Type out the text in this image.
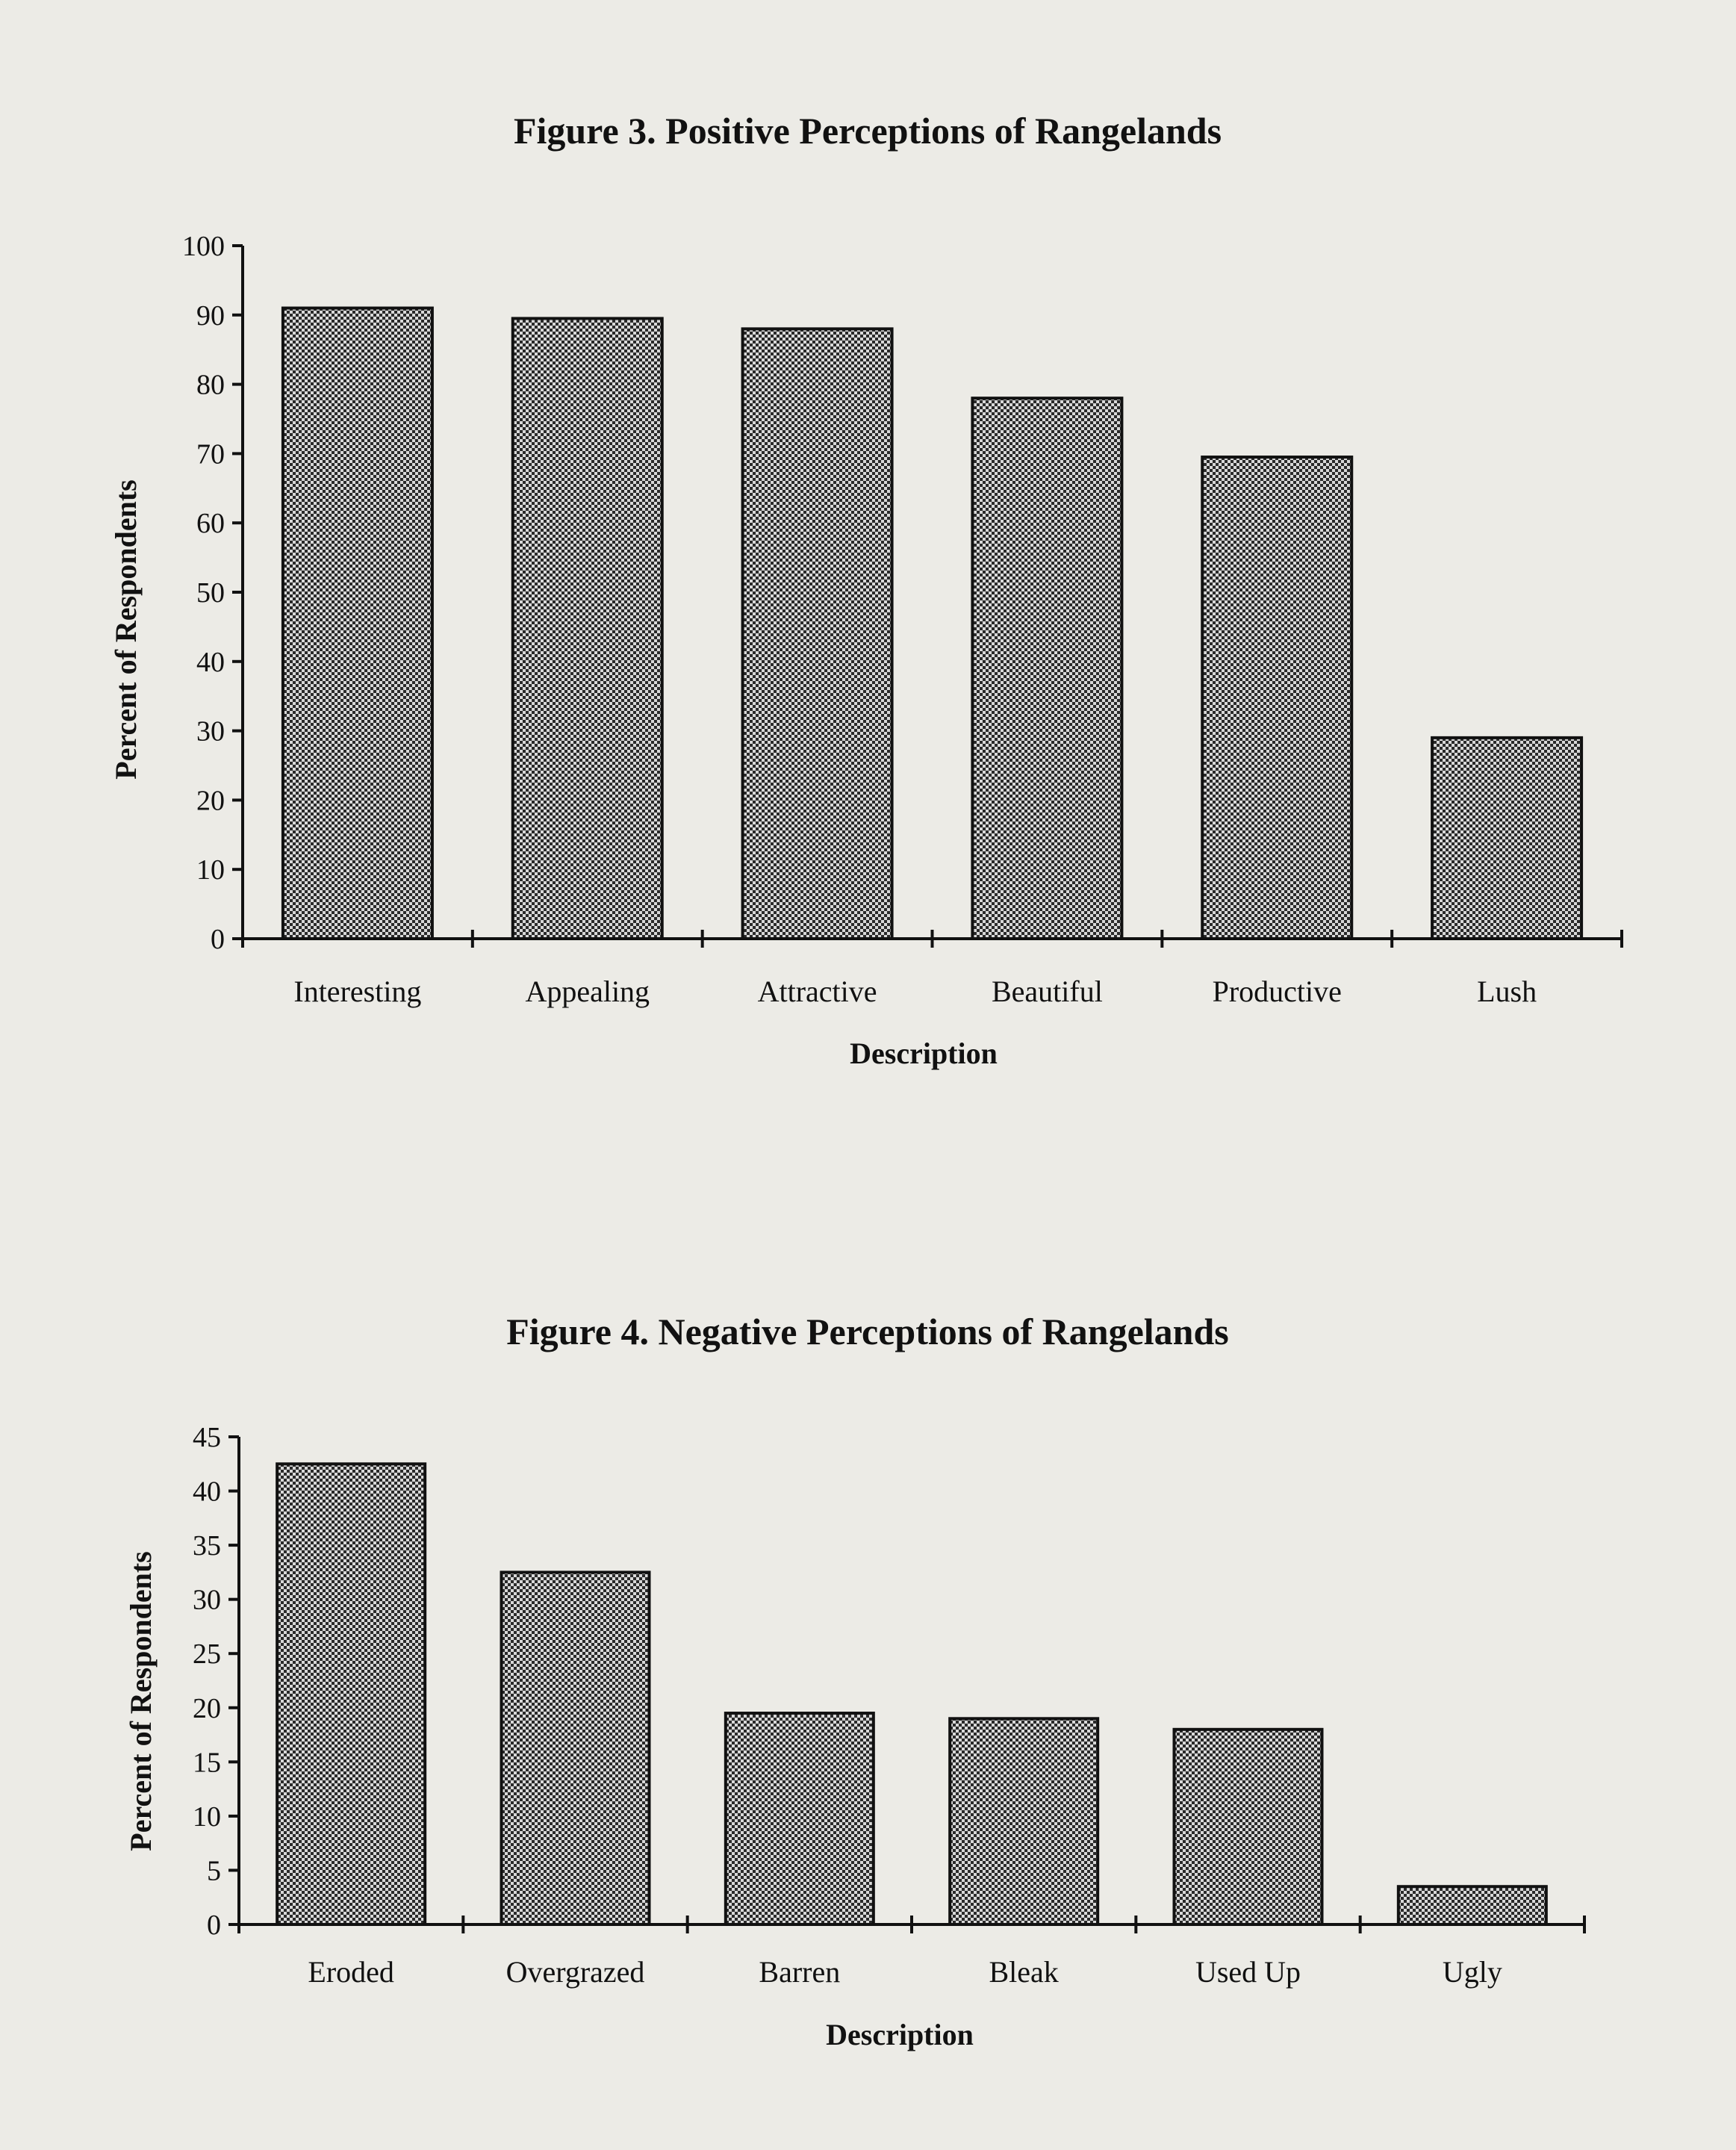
Figure 3. Positive Perceptions of Rangelands
Percent of Respondents
Description
0
10
20
30
40
50
60
70
80
90
100
Interesting	Appealing	Attractive	Beautiful	Productive	Lush
Figure 4. Negative Perceptions of Rangelands
Percent of Respondents
Description
0
5
10
15
20
25
30
35
40
45
Eroded	Overgrazed	Barren	Bleak	Used Up	Ugly
